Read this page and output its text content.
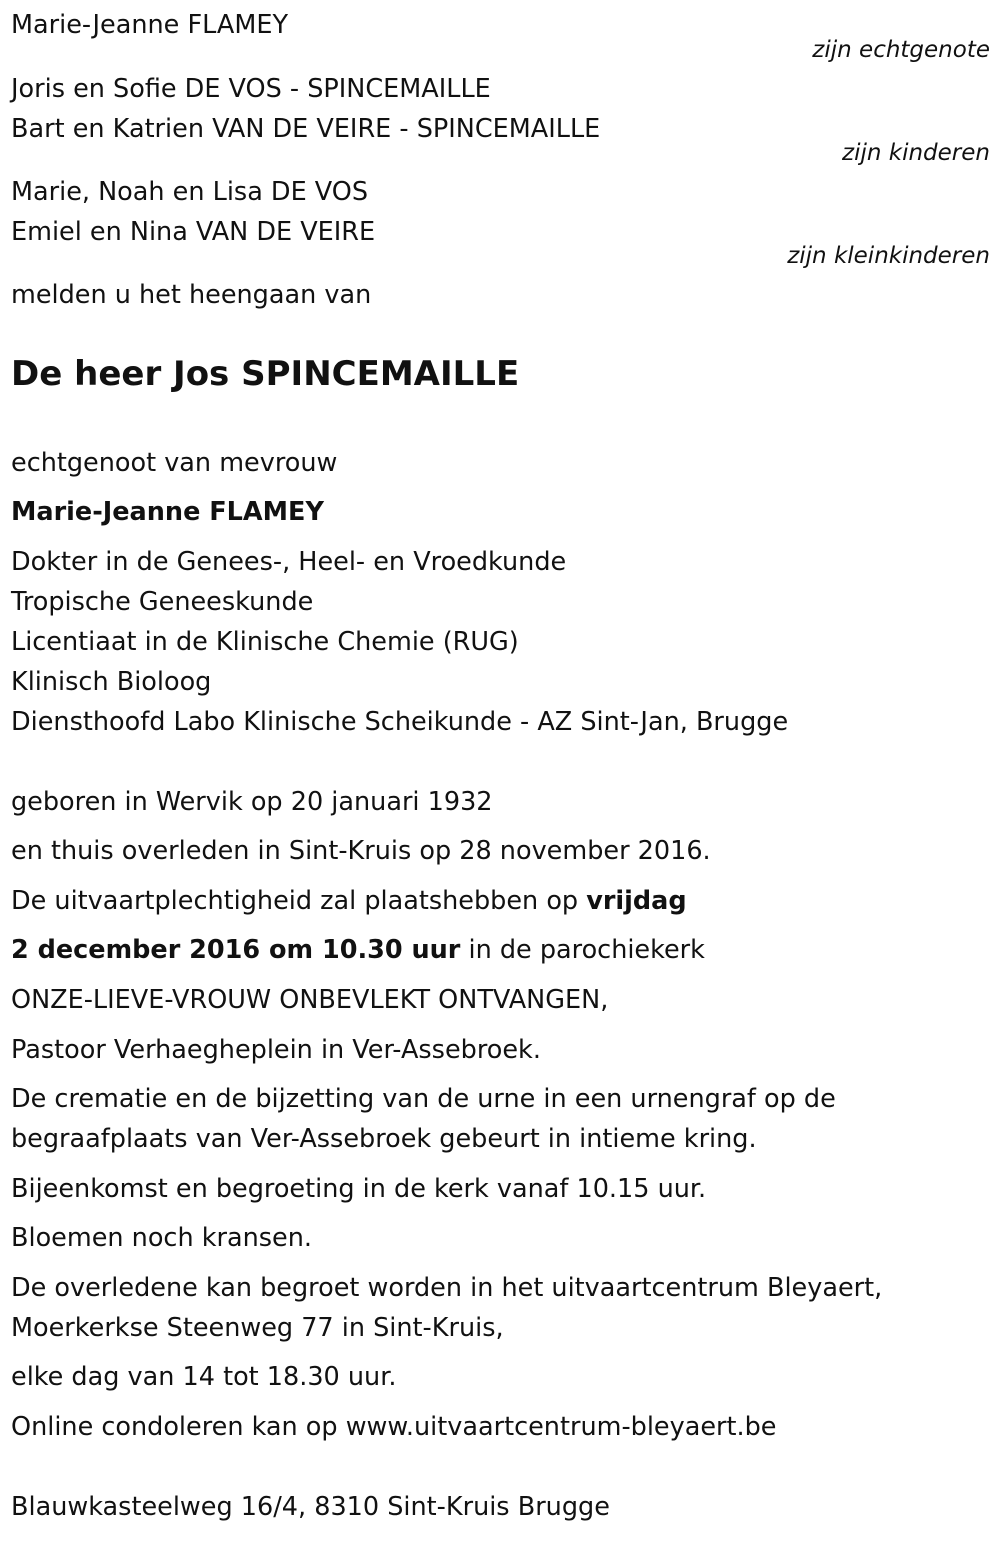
Marie-Jeanne FLAMEY
zijn echtgenote
Joris en Sofie DE VOS - SPINCEMAILLE
Bart en Katrien VAN DE VEIRE - SPINCEMAILLE
zijn kinderen
Marie, Noah en Lisa DE VOS
Emiel en Nina VAN DE VEIRE
zijn kleinkinderen
melden u het heengaan van
De heer Jos SPINCEMAILLE
echtgenoot van mevrouw
Marie-Jeanne FLAMEY
Dokter in de Genees-, Heel- en Vroedkunde
Tropische Geneeskunde
Licentiaat in de Klinische Chemie (RUG)
Klinisch Bioloog
Diensthoofd Labo Klinische Scheikunde - AZ Sint-Jan, Brugge
geboren in Wervik op 20 januari 1932
en thuis overleden in Sint-Kruis op 28 november 2016.
De uitvaartplechtigheid zal plaatshebben op vrijdag
2 december 2016 om 10.30 uur in de parochiekerk
ONZE-LIEVE-VROUW ONBEVLEKT ONTVANGEN,
Pastoor Verhaegheplein in Ver-Assebroek.
De crematie en de bijzetting van de urne in een urnengraf op de
begraafplaats van Ver-Assebroek gebeurt in intieme kring.
Bijeenkomst en begroeting in de kerk vanaf 10.15 uur.
Bloemen noch kransen.
De overledene kan begroet worden in het uitvaartcentrum Bleyaert,
Moerkerkse Steenweg 77 in Sint-Kruis,
elke dag van 14 tot 18.30 uur.
Online condoleren kan op www.uitvaartcentrum-bleyaert.be
Blauwkasteelweg 16/4, 8310 Sint-Kruis Brugge
